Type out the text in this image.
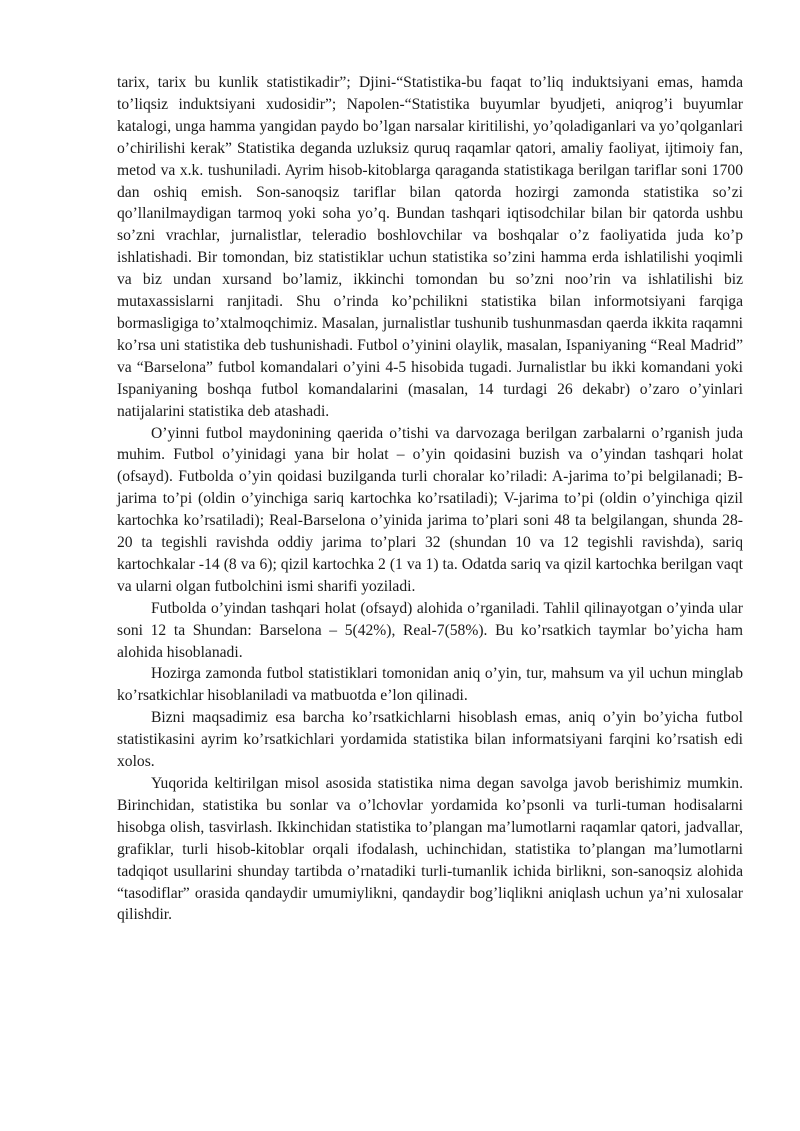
tarix, tarix bu kunlik statistikadir”; Djini-“Statistika-bu faqat to’liq induktsiyani emas, hamda to’liqsiz induktsiyani xudosidir”; Napolen-“Statistika buyumlar byudjeti, aniqrog’i buyumlar katalogi, unga hamma yangidan paydo bo’lgan narsalar kiritilishi, yo’qoladiganlari va yo’qolganlari o’chirilishi kerak” Statistika deganda uzluksiz quruq raqamlar qatori, amaliy faoliyat, ijtimoiy fan, metod va x.k. tushuniladi. Ayrim hisob-kitoblarga qaraganda statistikaga berilgan tariflar soni 1700 dan oshiq emish. Son-sanoqsiz tariflar bilan qatorda hozirgi zamonda statistika so’zi qo’llanilmaydigan tarmoq yoki soha yo’q. Bundan tashqari iqtisodchilar bilan bir qatorda ushbu so’zni vrachlar, jurnalistlar, teleradio boshlovchilar va boshqalar o’z faoliyatida juda ko’p ishlatishadi. Bir tomondan, biz statistiklar uchun statistika so’zini hamma erda ishlatilishi yoqimli va biz undan xursand bo’lamiz, ikkinchi tomondan bu so’zni noo’rin va ishlatilishi biz mutaxassislarni ranjitadi. Shu o’rinda ko’pchilikni statistika bilan informotsiyani farqiga bormasligiga to’xtalmoqchimiz. Masalan, jurnalistlar tushunib tushunmasdan qaerda ikkita raqamni ko’rsa uni statistika deb tushunishadi. Futbol o’yinini olaylik, masalan, Ispaniyaning “Real Madrid” va “Barselona” futbol komandalari o’yini 4-5 hisobida tugadi. Jurnalistlar bu ikki komandani yoki Ispaniyaning boshqa futbol komandalarini (masalan, 14 turdagi 26 dekabr) o’zaro o’yinlari natijalarini statistika deb atashadi.

O’yinni futbol maydonining qaerida o’tishi va darvozaga berilgan zarbalarni o’rganish juda muhim. Futbol o’yinidagi yana bir holat – o’yin qoidasini buzish va o’yindan tashqari holat (ofsayd). Futbolda o’yin qoidasi buzilganda turli choralar ko’riladi: A-jarima to’pi belgilanadi; B-jarima to’pi (oldin o’yinchiga sariq kartochka ko’rsatiladi); V-jarima to’pi (oldin o’yinchiga qizil kartochka ko’rsatiladi); Real-Barselona o’yinida jarima to’plari soni 48 ta belgilangan, shunda 28-20 ta tegishli ravishda oddiy jarima to’plari 32 (shundan 10 va 12 tegishli ravishda), sariq kartochkalar -14 (8 va 6); qizil kartochka 2 (1 va 1) ta. Odatda sariq va qizil kartochka berilgan vaqt va ularni olgan futbolchini ismi sharifi yoziladi.

Futbolda o’yindan tashqari holat (ofsayd) alohida o’rganiladi. Tahlil qilinayotgan o’yinda ular soni 12 ta Shundan: Barselona – 5(42%), Real-7(58%). Bu ko’rsatkich taymlar bo’yicha ham alohida hisoblanadi.

Hozirga zamonda futbol statistiklari tomonidan aniq o’yin, tur, mahsum va yil uchun minglab ko’rsatkichlar hisoblaniladi va matbuotda e’lon qilinadi.

Bizni maqsadimiz esa barcha ko’rsatkichlarni hisoblash emas, aniq o’yin bo’yicha futbol statistikasini ayrim ko’rsatkichlari yordamida statistika bilan informatsiyani farqini ko’rsatish edi xolos.

Yuqorida keltirilgan misol asosida statistika nima degan savolga javob berishimiz mumkin. Birinchidan, statistika bu sonlar va o’lchovlar yordamida ko’psonli va turli-tuman hodisalarni hisobga olish, tasvirlash. Ikkinchidan statistika to’plangan ma’lumotlarni raqamlar qatori, jadvallar, grafiklar, turli hisob-kitoblar orqali ifodalash, uchinchidan, statistika to’plangan ma’lumotlarni tadqiqot usullarini shunday tartibda o’rnatadiki turli-tumanlik ichida birlikni, son-sanoqsiz alohida “tasodiflar” orasida qandaydir umumiylikni, qandaydir bog’liqlikni aniqlash uchun ya’ni xulosalar qilishdir.
